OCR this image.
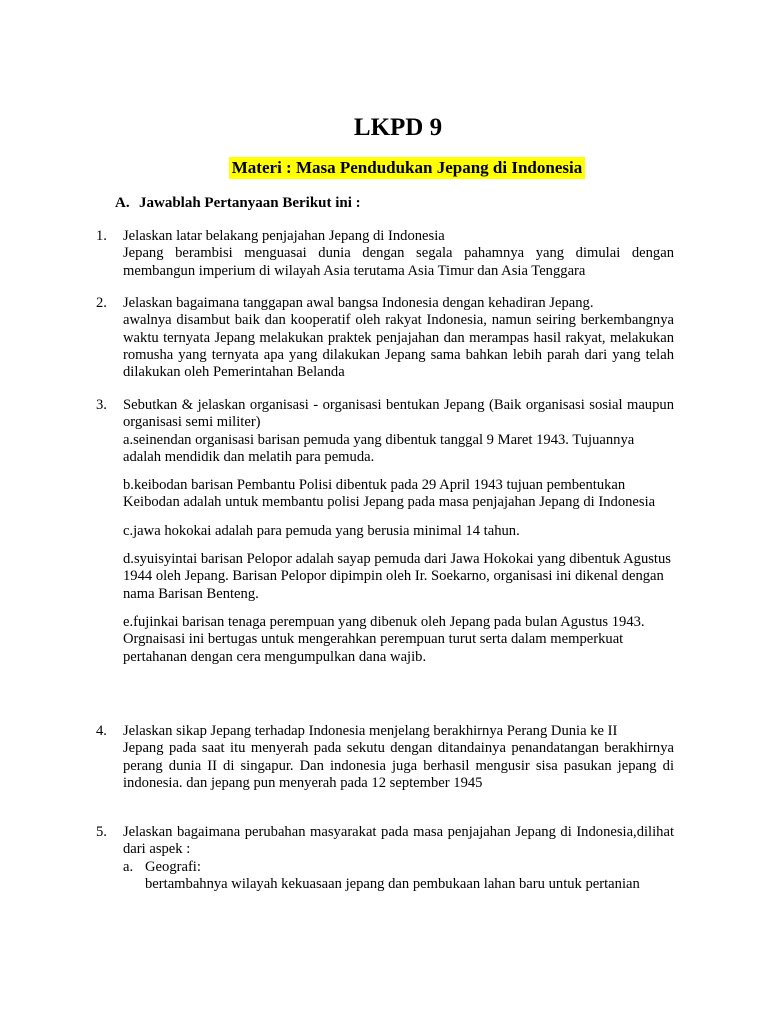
LKPD 9
Materi : Masa Pendudukan Jepang di Indonesia
A. Jawablah Pertanyaan Berikut ini :
1. Jelaskan latar belakang penjajahan Jepang di Indonesia
Jepang berambisi menguasai dunia dengan segala pahamnya yang dimulai dengan membangun imperium di wilayah Asia terutama Asia Timur dan Asia Tenggara
2. Jelaskan bagaimana tanggapan awal bangsa Indonesia dengan kehadiran Jepang.
awalnya disambut baik dan kooperatif oleh rakyat Indonesia, namun seiring berkembangnya waktu ternyata Jepang melakukan praktek penjajahan dan merampas hasil rakyat, melakukan romusha yang ternyata apa yang dilakukan Jepang sama bahkan lebih parah dari yang telah dilakukan oleh Pemerintahan Belanda
3. Sebutkan & jelaskan organisasi - organisasi bentukan Jepang (Baik organisasi sosial maupun organisasi semi militer)
a.seinendan organisasi barisan pemuda yang dibentuk tanggal 9 Maret 1943. Tujuannya adalah mendidik dan melatih para pemuda.
b.keibodan barisan Pembantu Polisi dibentuk pada 29 April 1943 tujuan pembentukan Keibodan adalah untuk membantu polisi Jepang pada masa penjajahan Jepang di Indonesia
c.jawa hokokai adalah para pemuda yang berusia minimal 14 tahun.
d.syuisyintai barisan Pelopor adalah sayap pemuda dari Jawa Hokokai yang dibentuk Agustus 1944 oleh Jepang. Barisan Pelopor dipimpin oleh Ir. Soekarno, organisasi ini dikenal dengan nama Barisan Benteng.
e.fujinkai barisan tenaga perempuan yang dibenuk oleh Jepang pada bulan Agustus 1943. Orgnaisasi ini bertugas untuk mengerahkan perempuan turut serta dalam memperkuat pertahanan dengan cera mengumpulkan dana wajib.
4. Jelaskan sikap Jepang terhadap Indonesia menjelang berakhirnya Perang Dunia ke II
Jepang pada saat itu menyerah pada sekutu dengan ditandainya penandatangan berakhirnya perang dunia II di singapur. Dan indonesia juga berhasil mengusir sisa pasukan jepang di indonesia. dan jepang pun menyerah pada 12 september 1945
5. Jelaskan bagaimana perubahan masyarakat pada masa penjajahan Jepang di Indonesia,dilihat dari aspek :
a. Geografi:
bertambahnya wilayah kekuasaan jepang dan pembukaan lahan baru untuk pertanian
